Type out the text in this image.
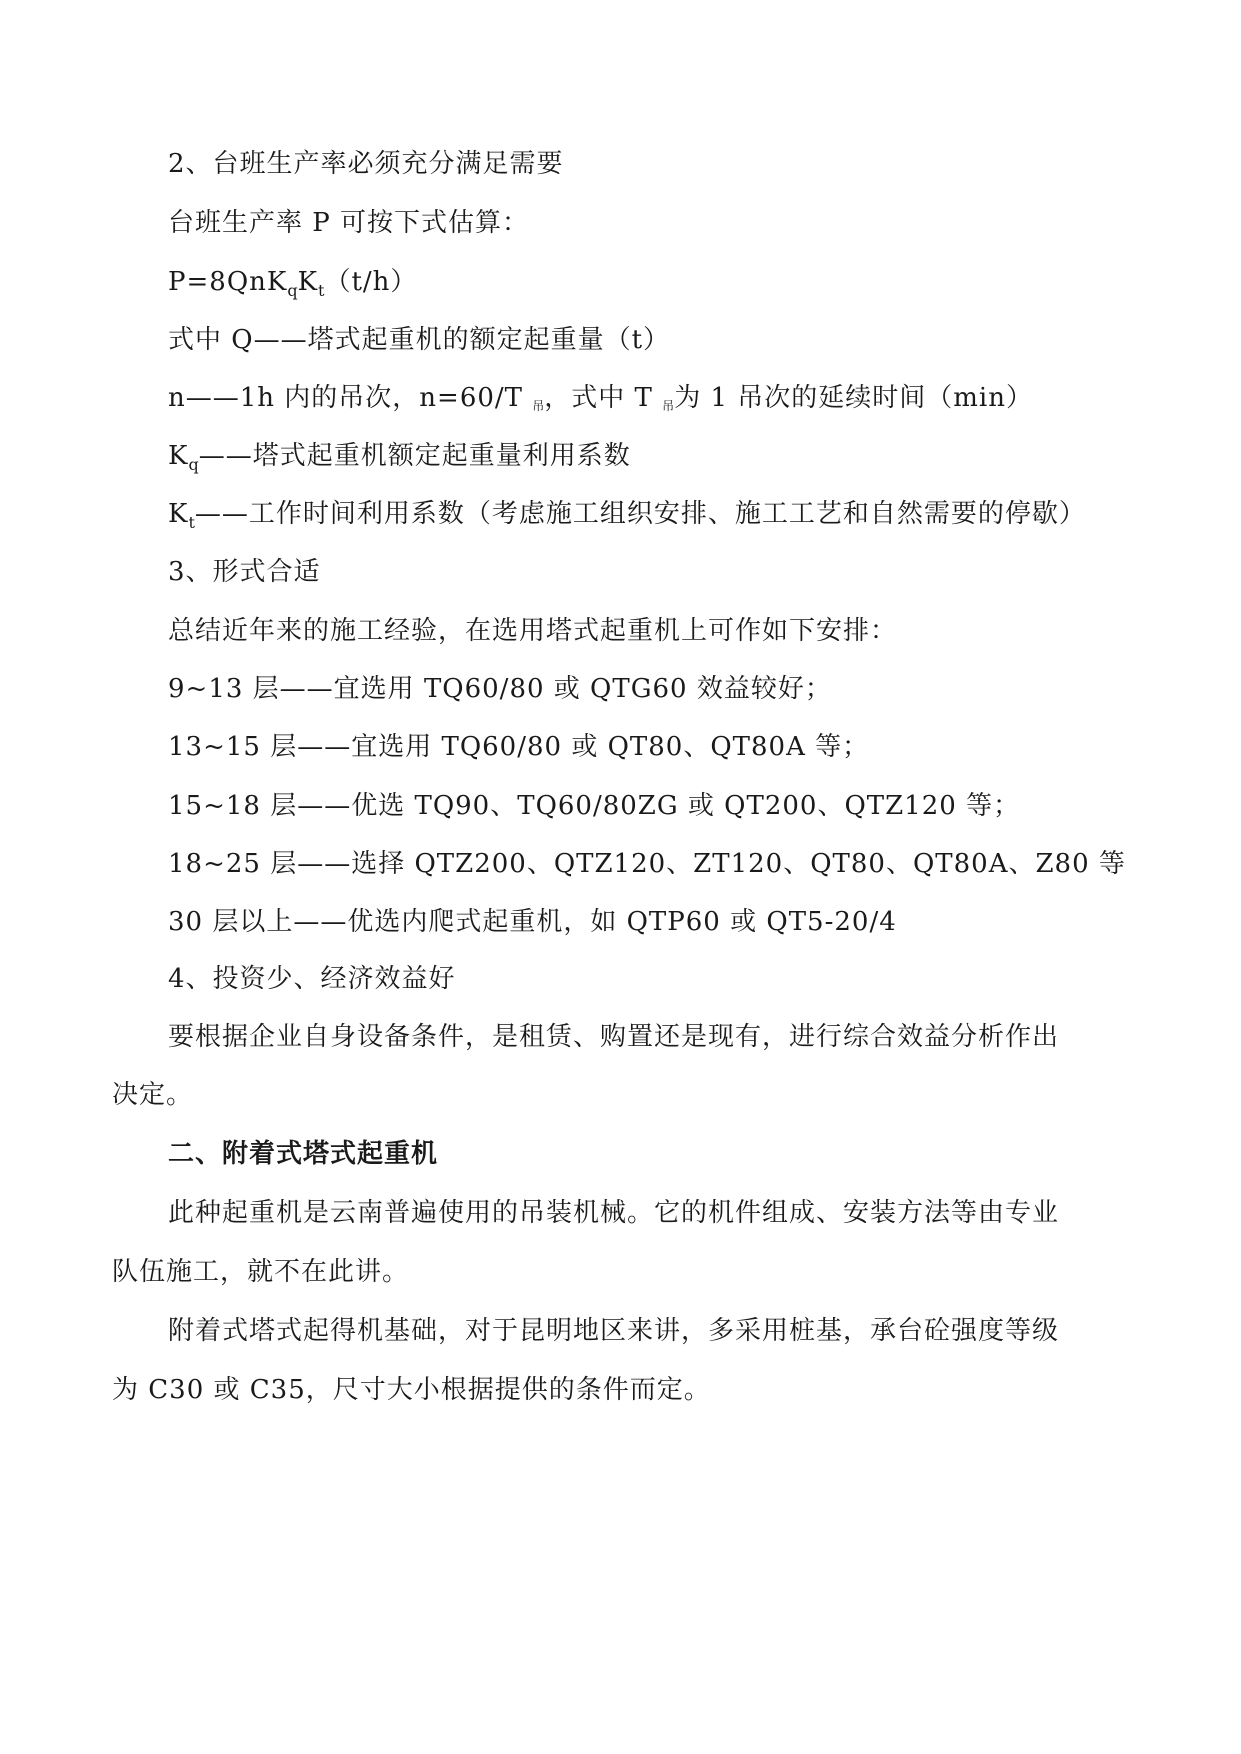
2、台班生产率必须充分满足需要
台班生产率 P 可按下式估算：
$P=8QnK_qK_t(t/h)$
式中 Q——塔式起重机的额定起重量（t）
n——1h 内的吊次，n=60/T 吊，式中 T 吊为 1 吊次的延续时间（min）
$K_q——$塔式起重机额定起重量利用系数
$K_t——$工作时间利用系数（考虑施工组织安排、施工工艺和自然需要的停歇）
3、形式合适
总结近年来的施工经验，在选用塔式起重机上可作如下安排：
9~13 层——宜选用 TQ60/80 或 QTG60 效益较好；
13~15 层——宜选用 TQ60/80 或 QT80、QT80A 等；
15~18 层——优选 TQ90、TQ60/80ZG 或 QT200、QTZ120 等；
18~25 层——选择 QTZ200、QTZ120、ZT120、QT80、QT80A、Z80 等
30 层以上——优选内爬式起重机，如 QTP60 或 QT5-20/4
4、投资少、经济效益好
要根据企业自身设备条件，是租赁、购置还是现有，进行综合效益分析作出
决定。
二、附着式塔式起重机
此种起重机是云南普遍使用的吊装机械。它的机件组成、安装方法等由专业
队伍施工，就不在此讲。
附着式塔式起得机基础，对于昆明地区来讲，多采用桩基，承台砼强度等级
为 C30 或 C35，尺寸大小根据提供的条件而定。
